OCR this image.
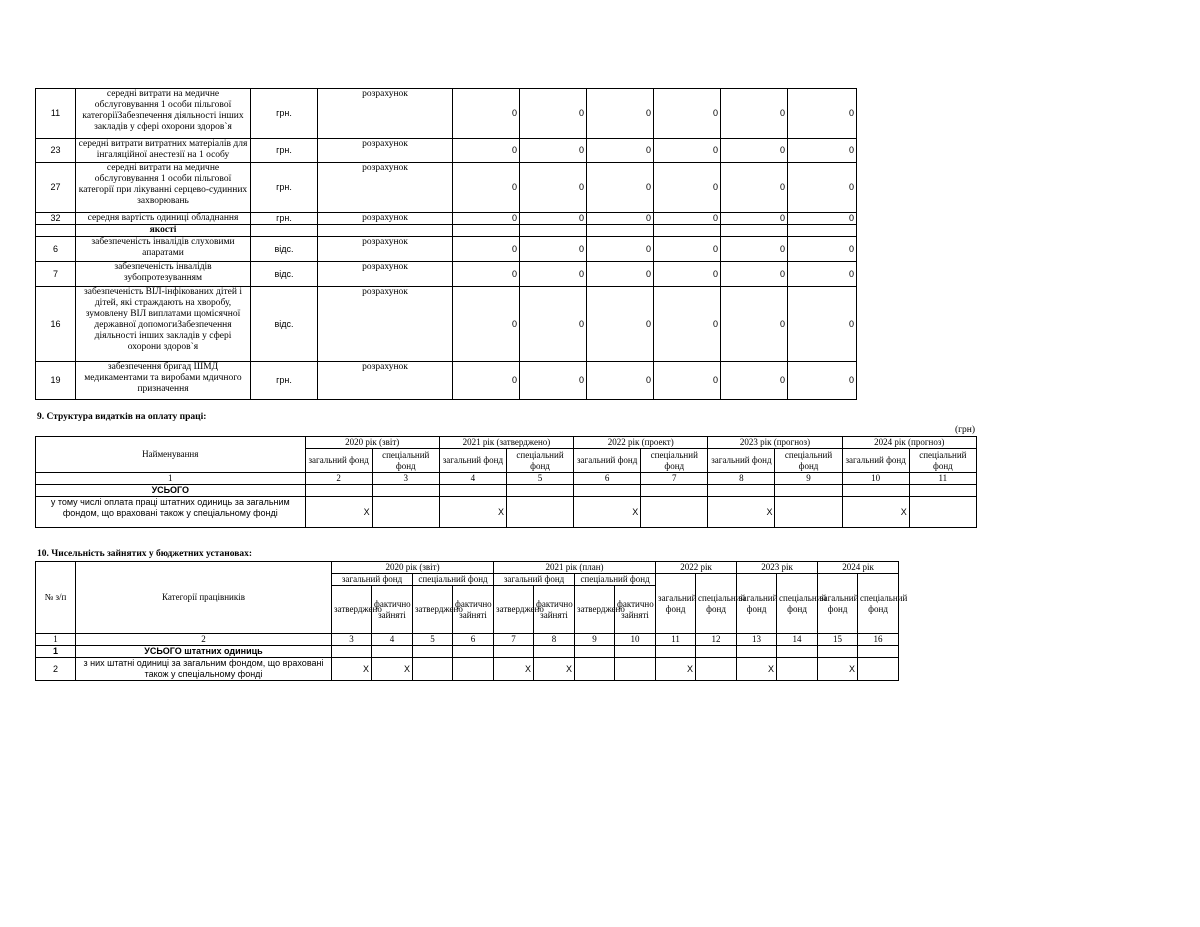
11	середні витрати на медичне обслуговування 1 особи пільгової категоріїЗабезпечення діяльності інших закладів у сфері охорони здоров`я	грн.	розрахунок	0	0	0	0	0	0
23	середні витрати витратних матеріалів для інгаляційної анестезії на 1 особу	грн.	розрахунок	0	0	0	0	0	0
27	середні витрати на медичне обслуговування 1 особи пільгової категорії при лікуванні серцево-судинних захворювань	грн.	розрахунок	0	0	0	0	0	0
32	середня вартість одиниці обладнання	грн.	розрахунок	0	0	0	0	0	0
	якості								
6	забезпеченість інвалідів слуховими апаратами	відс.	розрахунок	0	0	0	0	0	0
7	забезпеченість інвалідів зубопротезуванням	відс.	розрахунок	0	0	0	0	0	0
16	забезпеченість ВІЛ-інфікованих дітей і дітей, які страждають на хворобу, зумовлену ВІЛ виплатами щомісячної державної допомогиЗабезпечення діяльності інших закладів у сфері охорони здоров`я	відс.	розрахунок	0	0	0	0	0	0
19	забезпечення бригад ШМД медикаментами та виробами мдичного призначення	грн.	розрахунок	0	0	0	0	0	0
9. Структура видатків на оплату праці:
(грн)
Найменування	2020 рік (звіт)		2021 рік (затверджено)		2022 рік (проект)		2023 рік (прогноз)		2024 рік (прогноз)	
	загальний фонд	спеціальний фонд	загальний фонд	спеціальний фонд	загальний фонд	спеціальний фонд	загальний фонд	спеціальний фонд	загальний фонд	спеціальний фонд
1	2	3	4	5	6	7	8	9	10	11
УСЬОГО										
у тому числі оплата праці штатних одиниць за загальним фондом, що враховані також у спеціальному фонді	X		X		X		X		X	
10. Чисельність зайнятих у бюджетних установах:
№ з/п	Категорії працівників	2020 рік (звіт)				2021 рік (план)				2022 рік		2023 рік		2024 рік	
		загальний фонд		спеціальний фонд		загальний фонд		спеціальний фонд		загальний фонд	спеціальний фонд	загальний фонд	спеціальний фонд	загальний фонд	спеціальний фонд
		затверджено	фактично зайняті	затверджено	фактично зайняті	затверджено	фактично зайняті	затверджено	фактично зайняті						
1	2	3	4	5	6	7	8	9	10	11	12	13	14	15	16
1	УСЬОГО штатних одиниць														
2	з них штатні одиниці за загальним фондом, що враховані також у спеціальному фонді	X	X			X	X			X		X		X	
